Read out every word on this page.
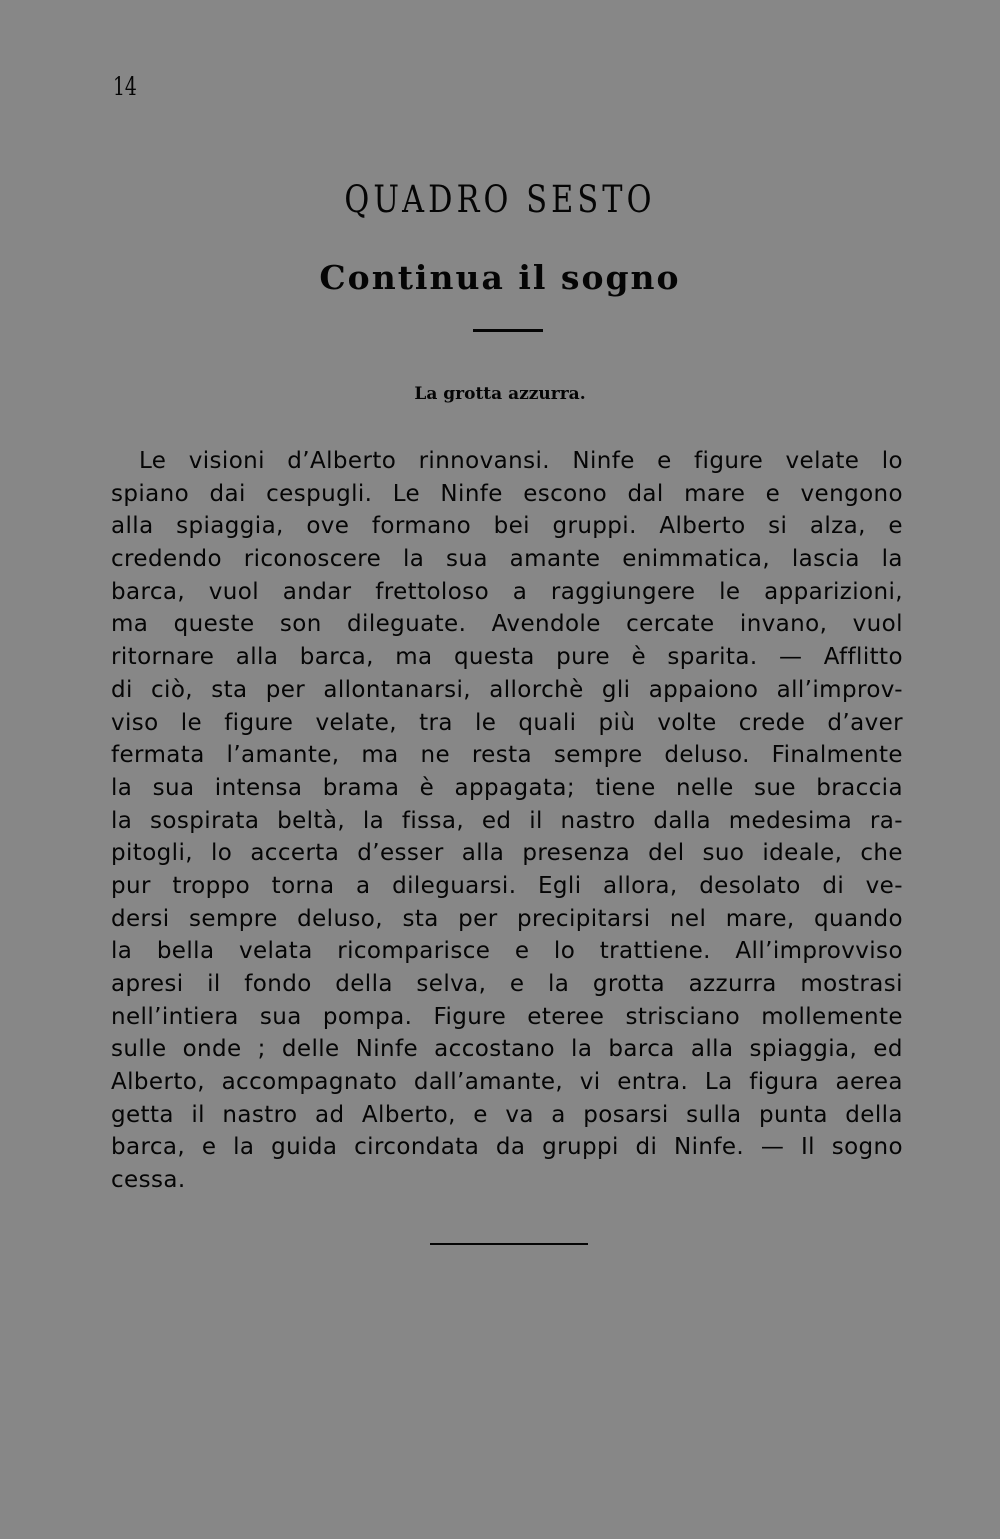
14
QUADRO SESTO
Continua il sogno
La grotta azzurra.
Le visioni d’Alberto rinnovansi. Ninfe e figure velate lo
spiano dai cespugli. Le Ninfe escono dal mare e vengono
alla spiaggia, ove formano bei gruppi. Alberto si alza, e
credendo riconoscere la sua amante enimmatica, lascia la
barca, vuol andar frettoloso a raggiungere le apparizioni,
ma queste son dileguate. Avendole cercate invano, vuol
ritornare alla barca, ma questa pure è sparita. — Afflitto
di ciò, sta per allontanarsi, allorchè gli appaiono all’improv-
viso le figure velate, tra le quali più volte crede d’aver
fermata l’amante, ma ne resta sempre deluso. Finalmente
la sua intensa brama è appagata; tiene nelle sue braccia
la sospirata beltà, la fissa, ed il nastro dalla medesima ra-
pitogli, lo accerta d’esser alla presenza del suo ideale, che
pur troppo torna a dileguarsi. Egli allora, desolato di ve-
dersi sempre deluso, sta per precipitarsi nel mare, quando
la bella velata ricomparisce e lo trattiene. All’improvviso
apresi il fondo della selva, e la grotta azzurra mostrasi
nell’intiera sua pompa. Figure eteree strisciano mollemente
sulle onde ; delle Ninfe accostano la barca alla spiaggia, ed
Alberto, accompagnato dall’amante, vi entra. La figura aerea
getta il nastro ad Alberto, e va a posarsi sulla punta della
barca, e la guida circondata da gruppi di Ninfe. — Il sogno
cessa.
